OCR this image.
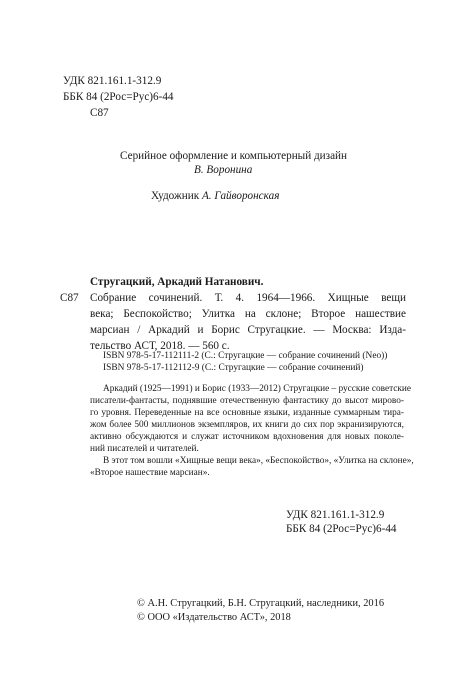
УДК 821.161.1-312.9
ББК 84 (2Рос=Рус)6-44
С87
Серийное оформление и компьютерный дизайн
В. Воронина
Художник А. Гайворонская
Стругацкий, Аркадий Натанович.
С87 Собрание сочинений. Т. 4. 1964—1966. Хищные вещи
века; Беспокойство; Улитка на склоне; Второе нашествие
марсиан / Аркадий и Борис Стругацкие. — Москва: Изда-
тельство АСТ, 2018. — 560 с.
ISBN 978-5-17-112111-2 (С.: Стругацкие — собрание сочинений (Neo))
ISBN 978-5-17-112112-9 (С.: Стругацкие — собрание сочинений)
Аркадий (1925—1991) и Борис (1933—2012) Стругацкие – русские советские
писатели-фантасты, поднявшие отечественную фантастику до высот мирово-
го уровня. Переведенные на все основные языки, изданные суммарным тира-
жом более 500 миллионов экземпляров, их книги до сих пор экранизируются,
активно обсуждаются и служат источником вдохновения для новых поколе-
ний писателей и читателей.
В этот том вошли «Хищные вещи века», «Беспокойство», «Улитка на склоне»,
«Второе нашествие марсиан».
УДК 821.161.1-312.9
ББК 84 (2Рос=Рус)6-44
© А.Н. Стругацкий, Б.Н. Стругацкий, наследники, 2016
© ООО «Издательство АСТ», 2018
